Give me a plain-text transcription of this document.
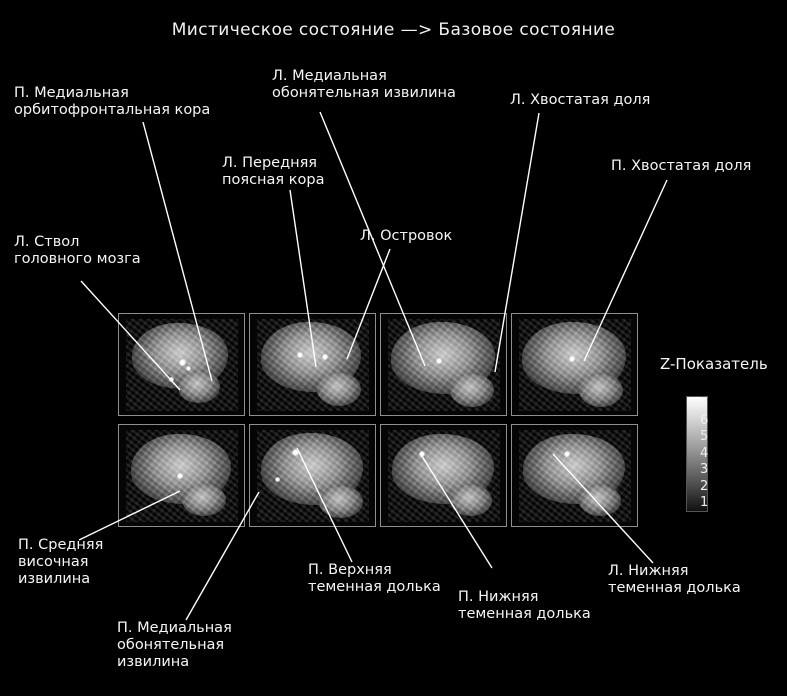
Мистическое состояние —> Базовое состояние
Z-Показатель
7
6
5
4
3
2
1
П. Медиальная
орбитофронтальная кора
Л. Медиальная
обонятельная извилина	Л. Хвостатая доля
П. Хвостатая доля
Л. Передняя
поясная кора
Л. Островок
Л. Ствол
головного мозга
П. Средняя
височная
извилина
П. Медиальная
обонятельная
извилина
П. Верхняя
теменная долька
П. Нижняя
теменная долька
Л. Нижняя
теменная долька
